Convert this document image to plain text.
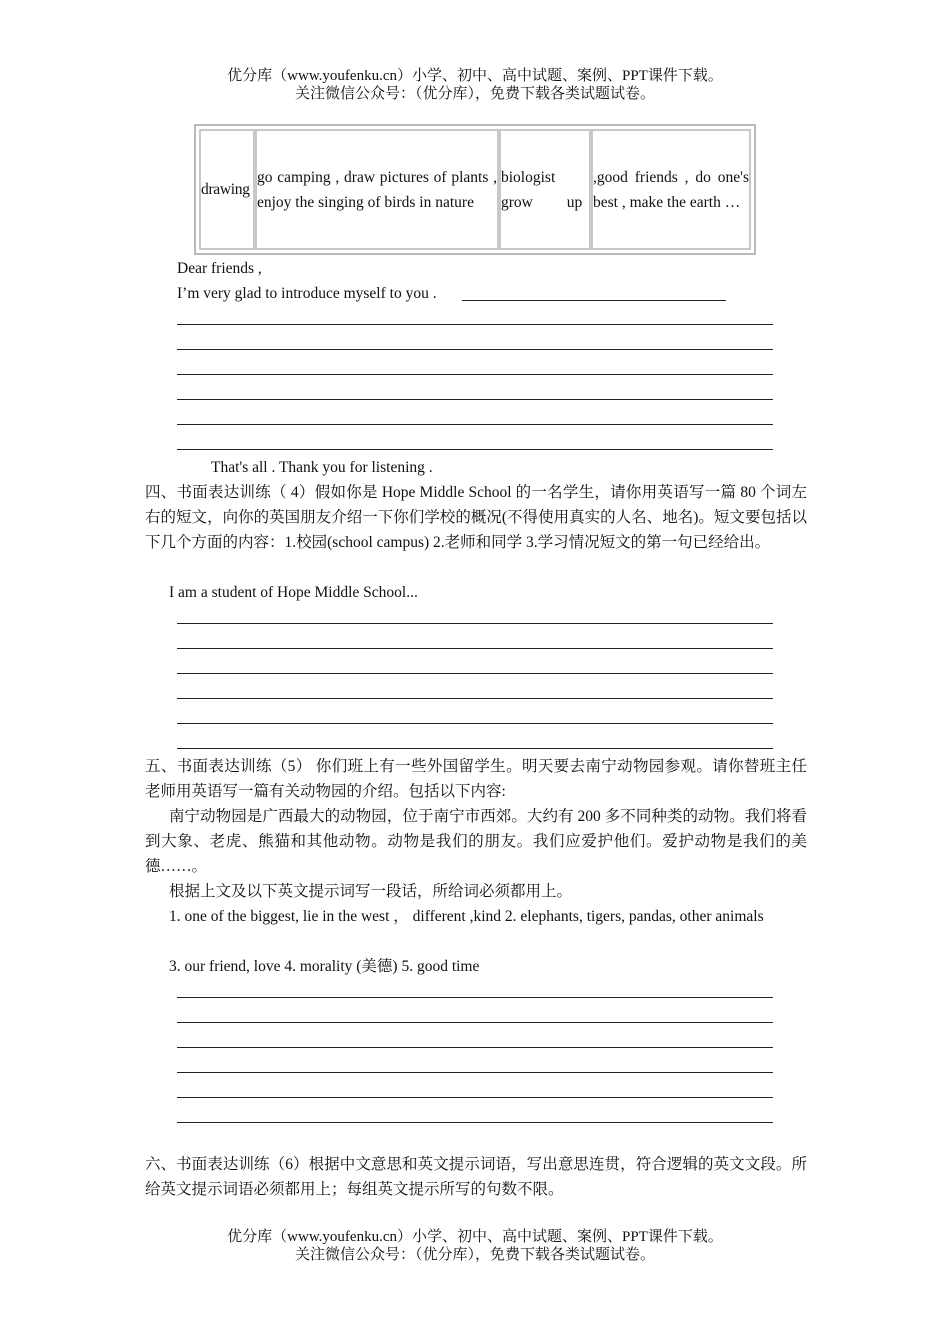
优分库（www.youfenku.cn）小学、初中、高中试题、案例、PPT课件下载。
关注微信公众号：（优分库），免费下载各类试题试卷。
drawing	go camping , draw pictures of plants , enjoy the singing of birds in nature	biologist grow up	,good friends , do one's best , make the earth …
Dear friends ,
I’m very glad to introduce myself to you .
That's all . Thank you for listening .
四、书面表达训练（ 4）假如你是 Hope Middle School 的一名学生，请你用英语写一篇 80 个词左右的短文，向你的英国朋友介绍一下你们学校的概况(不得使用真实的人名、地名)。短文要包括以下几个方面的内容：1.校园(school campus) 2.老师和同学 3.学习情况短文的第一句已经给出。
I am a student of Hope Middle School...
五、书面表达训练（5） 你们班上有一些外国留学生。明天要去南宁动物园参观。请你替班主任老师用英语写一篇有关动物园的介绍。包括以下内容:
南宁动物园是广西最大的动物园，位于南宁市西郊。大约有 200 多不同种类的动物。我们将看到大象、老虎、熊猫和其他动物。动物是我们的朋友。我们应爱护他们。爱护动物是我们的美德……。
根据上文及以下英文提示词写一段话，所给词必须都用上。
1. one of the biggest, lie in the west ， different ,kind 2. elephants, tigers, pandas, other animals
3. our friend, love 4. morality (美德) 5. good time
六、书面表达训练（6）根据中文意思和英文提示词语，写出意思连贯，符合逻辑的英文文段。所给英文提示词语必须都用上；每组英文提示所写的句数不限。
优分库（www.youfenku.cn）小学、初中、高中试题、案例、PPT课件下载。
关注微信公众号：（优分库），免费下载各类试题试卷。
